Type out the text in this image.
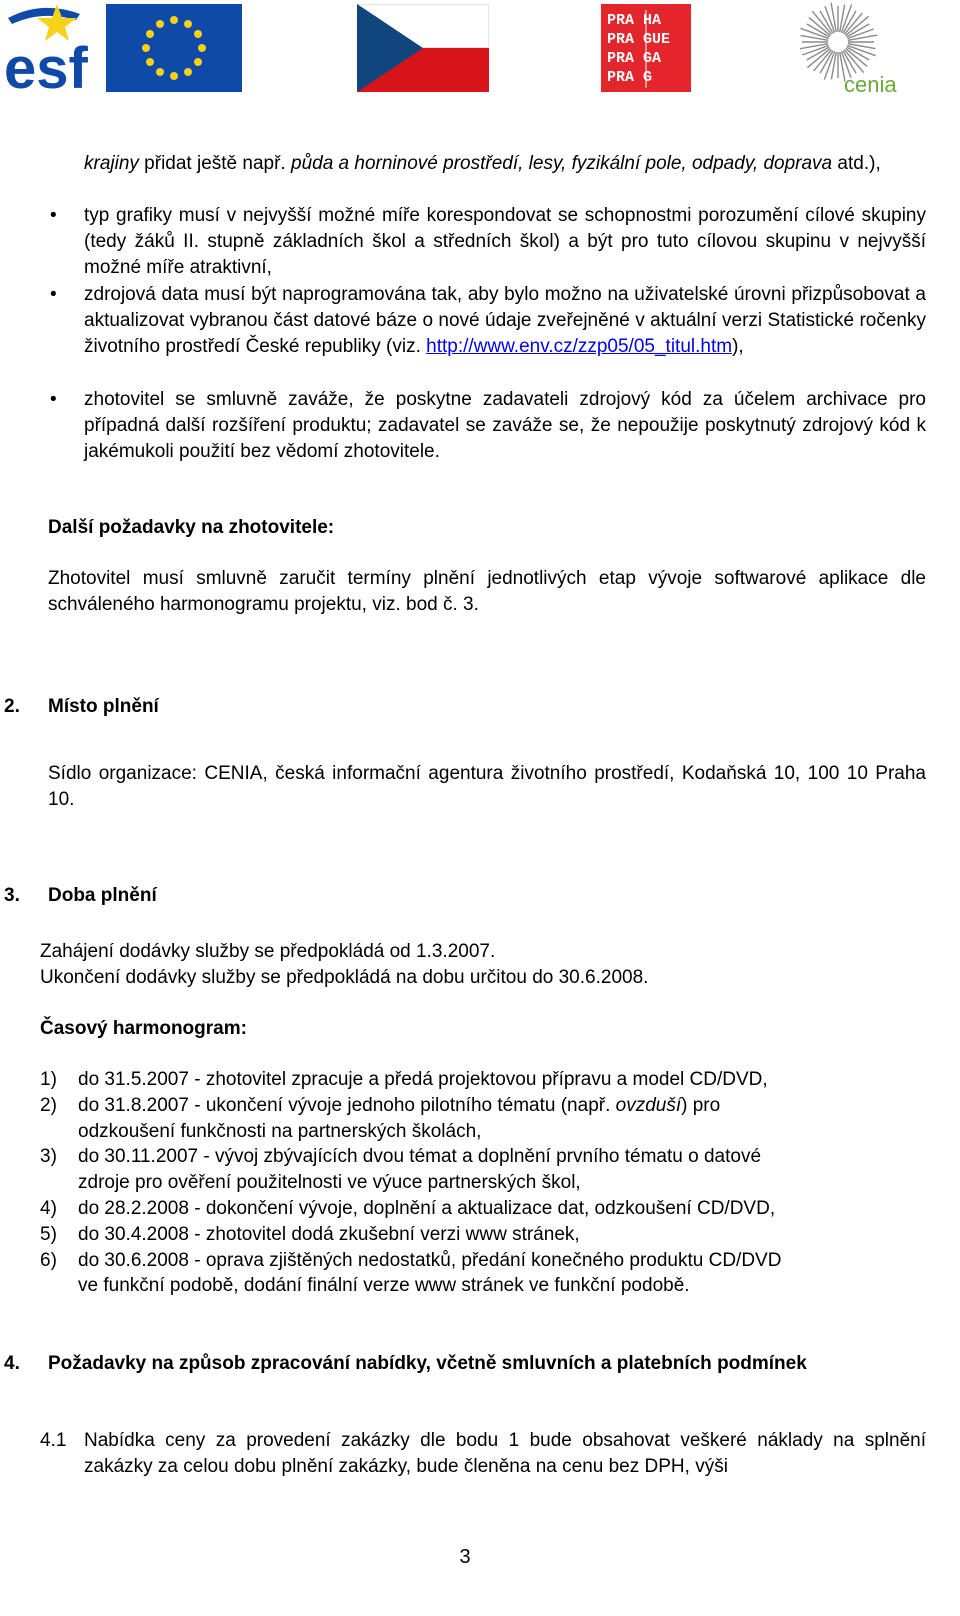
esf
PRA HA
PRA GUE
PRA GA
PRA G	cenia
krajiny přidat ještě např. půda a horninové prostředí, lesy, fyzikální pole, odpady, doprava atd.),
• typ grafiky musí v nejvyšší možné míře korespondovat se schopnostmi porozumění cílové skupiny (tedy žáků II. stupně základních škol a středních škol) a být pro tuto cílovou skupinu v nejvyšší možné míře atraktivní,
• zdrojová data musí být naprogramována tak, aby bylo možno na uživatelské úrovni přizpůsobovat a aktualizovat vybranou část datové báze o nové údaje zveřejněné v aktuální verzi Statistické ročenky životního prostředí České republiky (viz. http://www.env.cz/zzp05/05_titul.htm),
• zhotovitel se smluvně zaváže, že poskytne zadavateli zdrojový kód za účelem archivace pro případná další rozšíření produktu; zadavatel se zaváže se, že nepoužije poskytnutý zdrojový kód k jakémukoli použití bez vědomí zhotovitele.
Další požadavky na zhotovitele:
Zhotovitel musí smluvně zaručit termíny plnění jednotlivých etap vývoje softwarové aplikace dle schváleného harmonogramu projektu, viz. bod č. 3.
2. Místo plnění
Sídlo organizace: CENIA, česká informační agentura životního prostředí, Kodaňská 10, 100 10 Praha 10.
3. Doba plnění
Zahájení dodávky služby se předpokládá od 1.3.2007.
Ukončení dodávky služby se předpokládá na dobu určitou do 30.6.2008.
Časový harmonogram:
1) do 31.5.2007 - zhotovitel zpracuje a předá projektovou přípravu a model CD/DVD,
2) do 31.8.2007 - ukončení vývoje jednoho pilotního tématu (např. ovzduší) pro
odzkoušení funkčnosti na partnerských školách,
3) do 30.11.2007 - vývoj zbývajících dvou témat a doplnění prvního tématu o datové
zdroje pro ověření použitelnosti ve výuce partnerských škol,
4) do 28.2.2008 - dokončení vývoje, doplnění a aktualizace dat, odzkoušení CD/DVD,
5) do 30.4.2008 - zhotovitel dodá zkušební verzi www stránek,
6) do 30.6.2008 - oprava zjištěných nedostatků, předání konečného produktu CD/DVD
ve funkční podobě, dodání finální verze www stránek ve funkční podobě.
4. Požadavky na způsob zpracování nabídky, včetně smluvních a platebních podmínek
4.1 Nabídka ceny za provedení zakázky dle bodu 1 bude obsahovat veškeré náklady na splnění zakázky za celou dobu plnění zakázky, bude členěna na cenu bez DPH, výši
3
